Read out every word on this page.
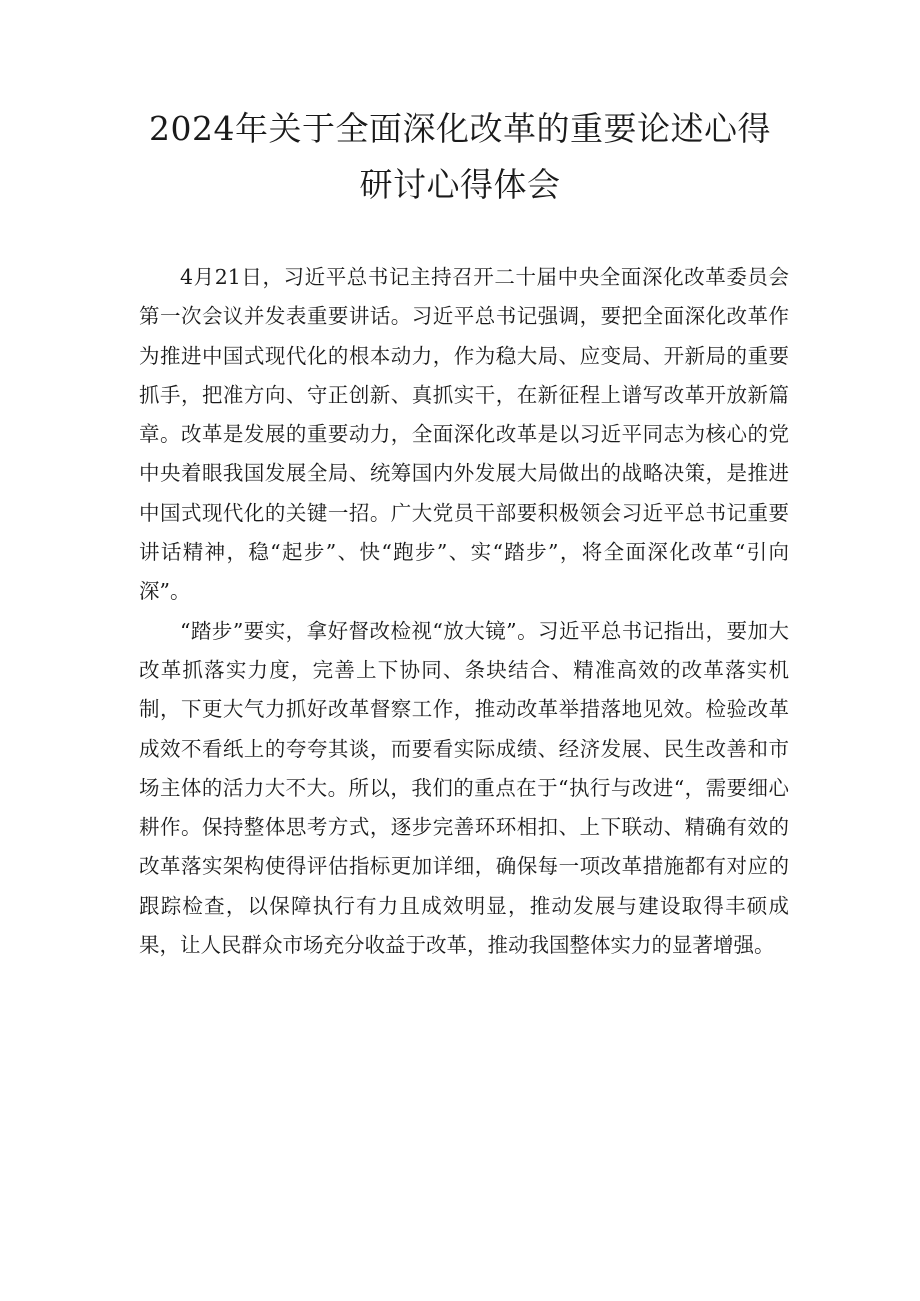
2024年关于全面深化改革的重要论述心得
研讨心得体会

4月21日，习近平总书记主持召开二十届中央全面深化改革委员会第一次会议并发表重要讲话。习近平总书记强调，要把全面深化改革作为推进中国式现代化的根本动力，作为稳大局、应变局、开新局的重要抓手，把准方向、守正创新、真抓实干，在新征程上谱写改革开放新篇章。改革是发展的重要动力，全面深化改革是以习近平同志为核心的党中央着眼我国发展全局、统筹国内外发展大局做出的战略决策，是推进中国式现代化的关键一招。广大党员干部要积极领会习近平总书记重要讲话精神，稳“起步”、快“跑步”、实“踏步”，将全面深化改革“引向深”。

“踏步”要实，拿好督改检视“放大镜”。习近平总书记指出，要加大改革抓落实力度，完善上下协同、条块结合、精准高效的改革落实机制，下更大气力抓好改革督察工作，推动改革举措落地见效。检验改革成效不看纸上的夸夸其谈，而要看实际成绩、经济发展、民生改善和市场主体的活力大不大。所以，我们的重点在于“执行与改进“，需要细心耕作。保持整体思考方式，逐步完善环环相扣、上下联动、精确有效的改革落实架构使得评估指标更加详细，确保每一项改革措施都有对应的跟踪检查，以保障执行有力且成效明显，推动发展与建设取得丰硕成果，让人民群众市场充分收益于改革，推动我国整体实力的显著增强。
